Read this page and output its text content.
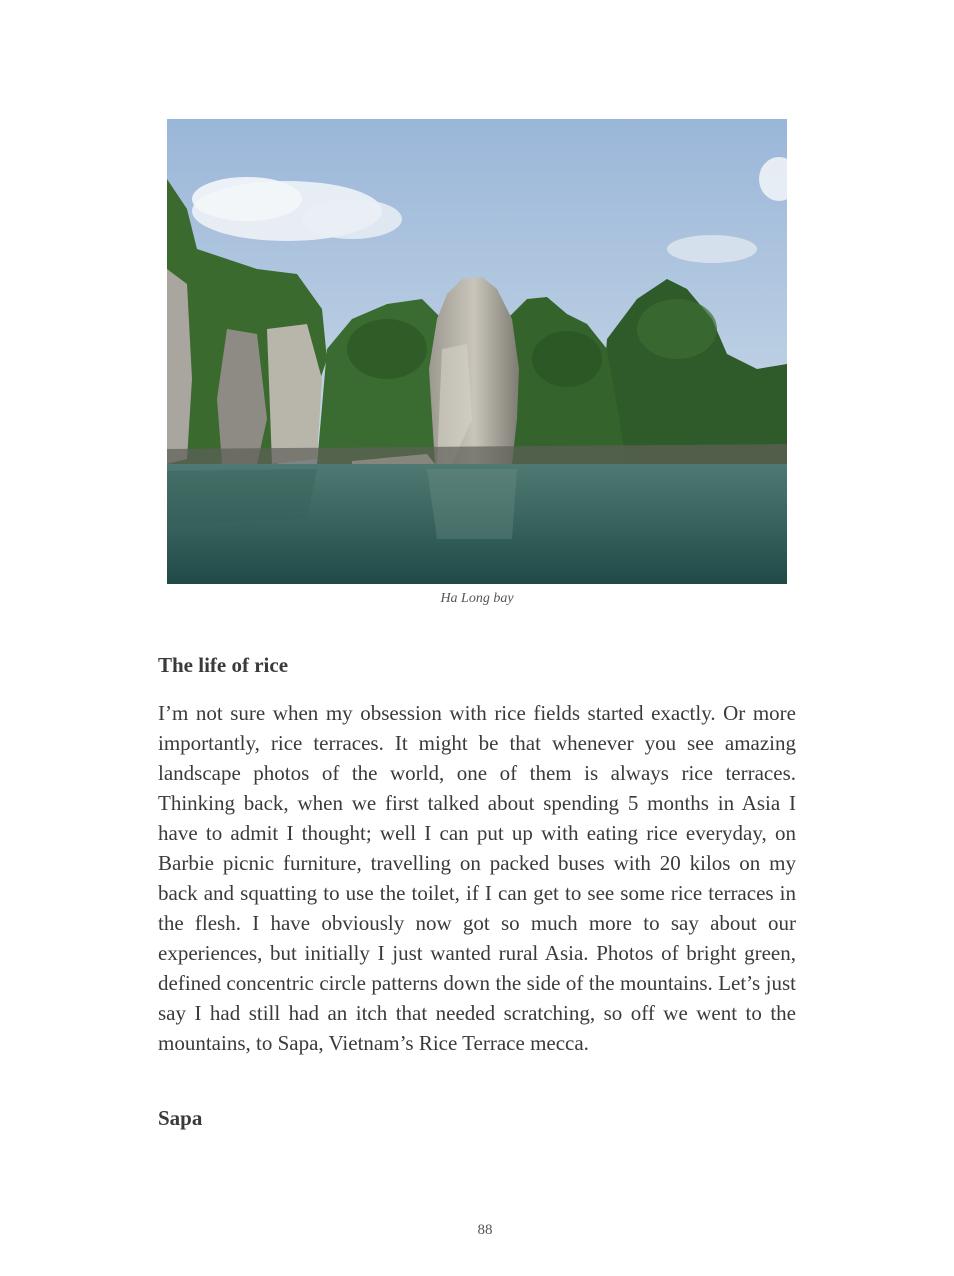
Ha Long bay
The life of rice

I’m not sure when my obsession with rice fields started exactly. Or more importantly, rice terraces. It might be that whenever you see amazing landscape photos of the world, one of them is always rice terraces. Thinking back, when we first talked about spending 5 months in Asia I have to admit I thought; well I can put up with eating rice everyday, on Barbie picnic furniture, travelling on packed buses with 20 kilos on my back and squatting to use the toilet, if I can get to see some rice terraces in the flesh. I have obviously now got so much more to say about our experiences, but initially I just wanted rural Asia. Photos of bright green, defined concentric circle patterns down the side of the mountains. Let’s just say I had still had an itch that needed scratching, so off we went to the mountains, to Sapa, Vietnam’s Rice Terrace mecca.

Sapa
88
